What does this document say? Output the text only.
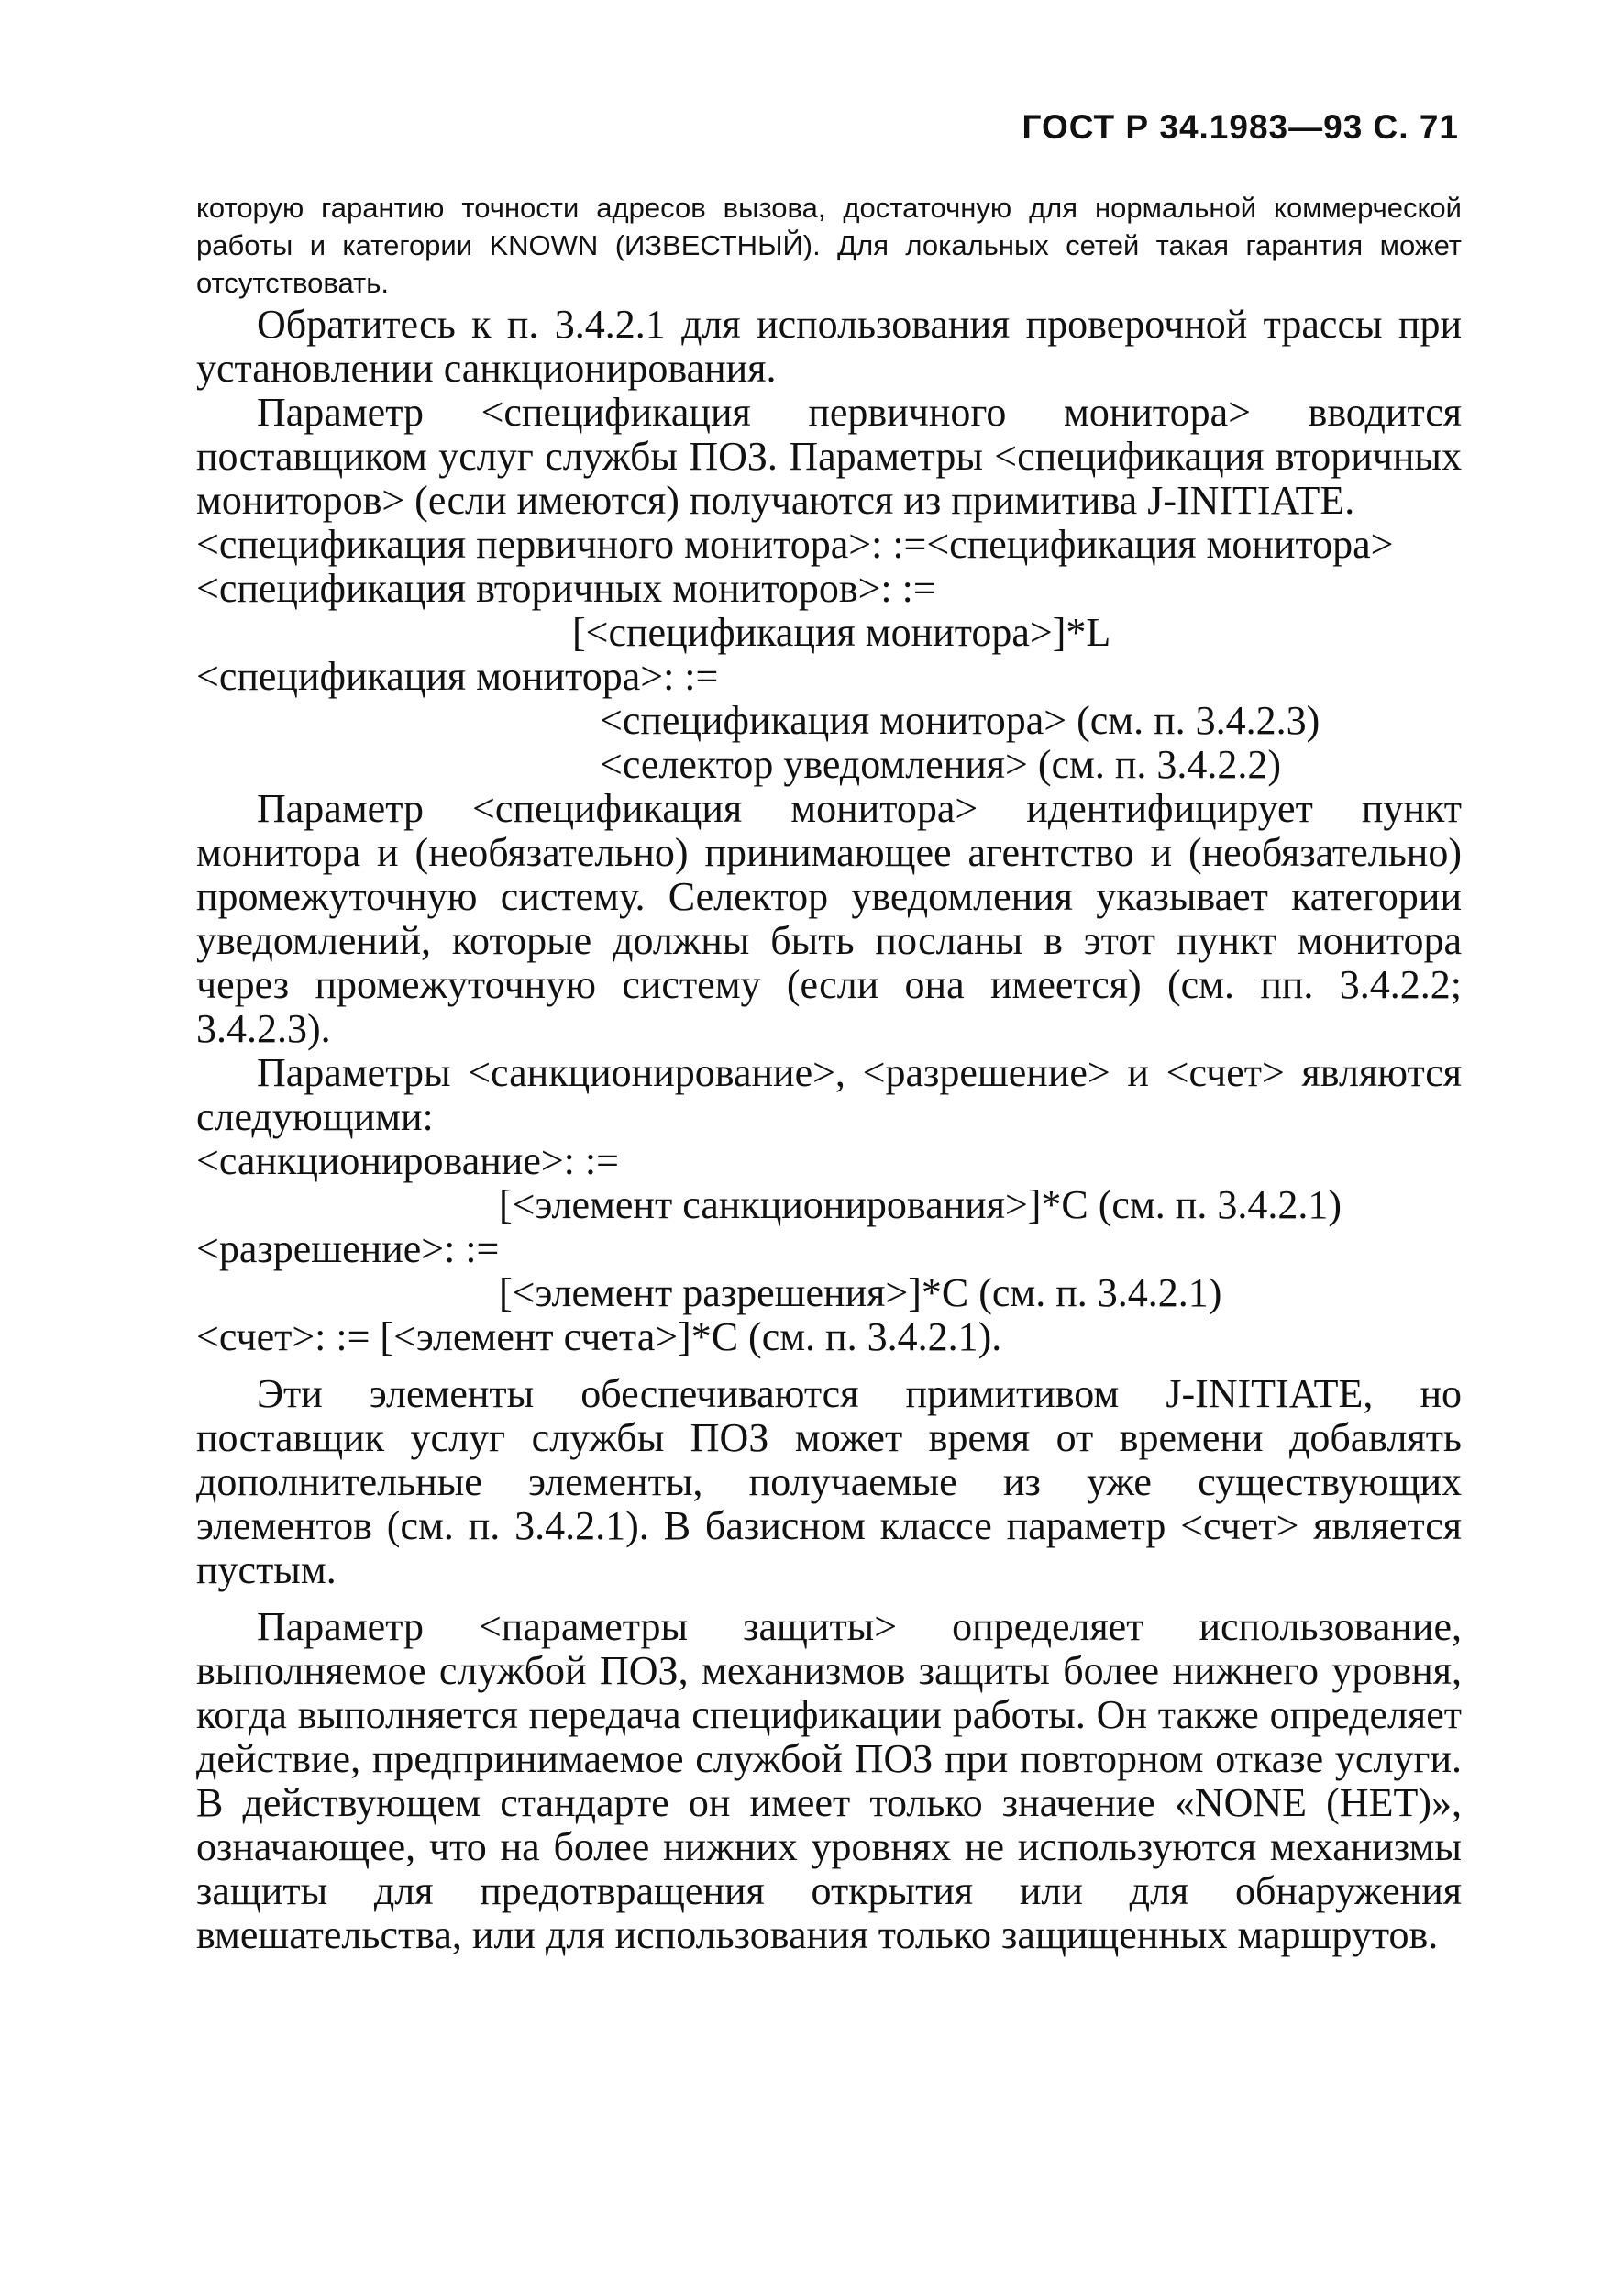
ГОСТ Р 34.1983—93 С. 71
которую гарантию точности адресов вызова, достаточную для нормальной коммерческой работы и категории KNOWN (ИЗВЕСТНЫЙ). Для локальных сетей такая гарантия может отсутствовать.

Обратитесь к п. 3.4.2.1 для использования проверочной трассы при установлении санкционирования.

Параметр <спецификация первичного монитора> вводится поставщиком услуг службы ПОЗ. Параметры <спецификация вторичных мониторов> (если имеются) получаются из примитива J-INITIATE.

<спецификация первичного монитора>: :=<спецификация монитора>

<спецификация вторичных мониторов>: :=

[<спецификация монитора>]*L

<спецификация монитора>: :=

<спецификация монитора> (см. п. 3.4.2.3)

<селектор уведомления> (см. п. 3.4.2.2)

Параметр <спецификация монитора> идентифицирует пункт монитора и (необязательно) принимающее агентство и (необязательно) промежуточную систему. Селектор уведомления указывает категории уведомлений, которые должны быть посланы в этот пункт монитора через промежуточную систему (если она имеется) (см. пп. 3.4.2.2; 3.4.2.3).

Параметры <санкционирование>, <разрешение> и <счет> являются следующими:

<санкционирование>: :=

[<элемент санкционирования>]*C (см. п. 3.4.2.1)

<разрешение>: :=

[<элемент разрешения>]*C (см. п. 3.4.2.1)

<счет>: := [<элемент счета>]*C (см. п. 3.4.2.1).

Эти элементы обеспечиваются примитивом J-INITIATE, но поставщик услуг службы ПОЗ может время от времени добавлять дополнительные элементы, получаемые из уже существующих элементов (см. п. 3.4.2.1). В базисном классе параметр <счет> является пустым.

Параметр <параметры защиты> определяет использование, выполняемое службой ПОЗ, механизмов защиты более нижнего уровня, когда выполняется передача спецификации работы. Он также определяет действие, предпринимаемое службой ПОЗ при повторном отказе услуги. В действующем стандарте он имеет только значение «NONE (НЕТ)», означающее, что на более нижних уровнях не используются механизмы защиты для предотвращения открытия или для обнаружения вмешательства, или для использования только защищенных маршрутов.
